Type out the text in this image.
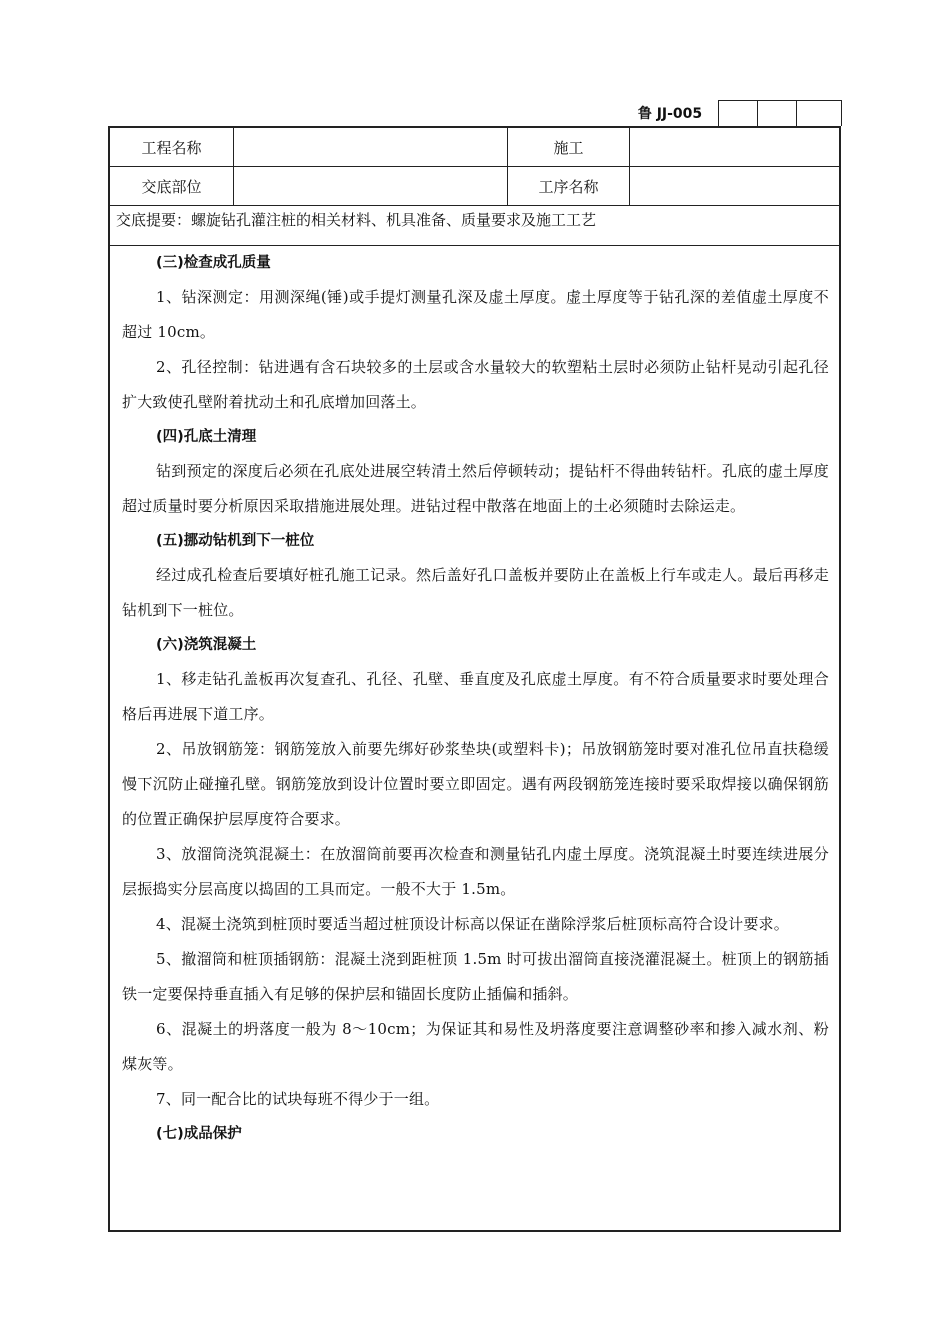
鲁 JJ-005
工程名称	施工
交底部位	工序名称
交底提要：螺旋钻孔灌注桩的相关材料、机具准备、质量要求及施工工艺
(三)检查成孔质量

1、钻深测定：用测深绳(锤)或手提灯测量孔深及虚土厚度。虚土厚度等于钻孔深的差值虚土厚度不超过 10cm。

2、孔径控制：钻进遇有含石块较多的土层或含水量较大的软塑粘土层时必须防止钻杆晃动引起孔径扩大致使孔壁附着扰动土和孔底增加回落土。

(四)孔底土清理

钻到预定的深度后必须在孔底处进展空转清土然后停顿转动；提钻杆不得曲转钻杆。孔底的虚土厚度超过质量时要分析原因采取措施进展处理。进钻过程中散落在地面上的土必须随时去除运走。

(五)挪动钻机到下一桩位

经过成孔检查后要填好桩孔施工记录。然后盖好孔口盖板并要防止在盖板上行车或走人。最后再移走钻机到下一桩位。

(六)浇筑混凝土

1、移走钻孔盖板再次复查孔、孔径、孔壁、垂直度及孔底虚土厚度。有不符合质量要求时要处理合格后再进展下道工序。

2、吊放钢筋笼：钢筋笼放入前要先绑好砂浆垫块(或塑料卡)；吊放钢筋笼时要对准孔位吊直扶稳缓慢下沉防止碰撞孔壁。钢筋笼放到设计位置时要立即固定。遇有两段钢筋笼连接时要采取焊接以确保钢筋的位置正确保护层厚度符合要求。

3、放溜筒浇筑混凝土：在放溜筒前要再次检查和测量钻孔内虚土厚度。浇筑混凝土时要连续进展分层振捣实分层高度以捣固的工具而定。一般不大于 1.5m。

4、混凝土浇筑到桩顶时要适当超过桩顶设计标高以保证在凿除浮浆后桩顶标高符合设计要求。

5、撤溜筒和桩顶插钢筋：混凝土浇到距桩顶 1.5m 时可拔出溜筒直接浇灌混凝土。桩顶上的钢筋插铁一定要保持垂直插入有足够的保护层和锚固长度防止插偏和插斜。

6、混凝土的坍落度一般为 8～10cm；为保证其和易性及坍落度要注意调整砂率和掺入减水剂、粉煤灰等。

7、同一配合比的试块每班不得少于一组。

(七)成品保护
